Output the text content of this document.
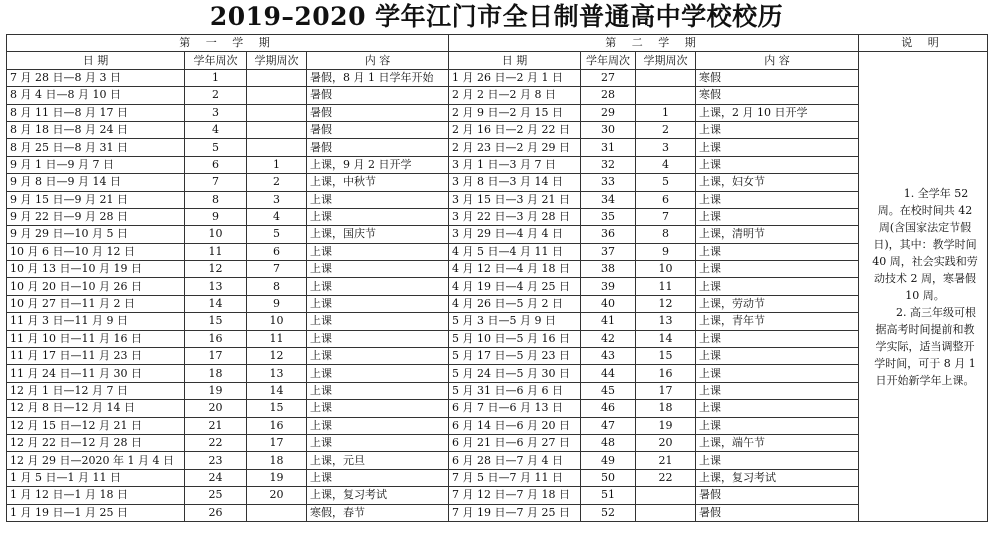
2019–2020 学年江门市全日制普通高中学校校历
第 一 学 期				第 二 学 期				说 明
日 期	学年周次	学期周次	内 容	日 期	学年周次	学期周次	内 容	1. 全学年 52 周。在校时间共 42 周(含国家法定节假日)，其中：教学时间 40 周，社会实践和劳动技术 2 周，寒暑假 10 周。

2. 高三年级可根据高考时间提前和教学实际，适当调整开学时间，可于 8 月 1 日开始新学年上课。

7 月 28 日—8 月 3 日	1		暑假，8 月 1 日学年开始	1 月 26 日—2 月 1 日	27		寒假	
8 月 4 日—8 月 10 日	2		暑假	2 月 2 日—2 月 8 日	28		寒假	
8 月 11 日—8 月 17 日	3		暑假	2 月 9 日—2 月 15 日	29	1	上课，2 月 10 日开学	
8 月 18 日—8 月 24 日	4		暑假	2 月 16 日—2 月 22 日	30	2	上课	
8 月 25 日—8 月 31 日	5		暑假	2 月 23 日—2 月 29 日	31	3	上课	
9 月 1 日—9 月 7 日	6	1	上课，9 月 2 日开学	3 月 1 日—3 月 7 日	32	4	上课	
9 月 8 日—9 月 14 日	7	2	上课，中秋节	3 月 8 日—3 月 14 日	33	5	上课，妇女节	
9 月 15 日—9 月 21 日	8	3	上课	3 月 15 日—3 月 21 日	34	6	上课	
9 月 22 日—9 月 28 日	9	4	上课	3 月 22 日—3 月 28 日	35	7	上课	
9 月 29 日—10 月 5 日	10	5	上课，国庆节	3 月 29 日—4 月 4 日	36	8	上课，清明节	
10 月 6 日—10 月 12 日	11	6	上课	4 月 5 日—4 月 11 日	37	9	上课	
10 月 13 日—10 月 19 日	12	7	上课	4 月 12 日—4 月 18 日	38	10	上课	
10 月 20 日—10 月 26 日	13	8	上课	4 月 19 日—4 月 25 日	39	11	上课	
10 月 27 日—11 月 2 日	14	9	上课	4 月 26 日—5 月 2 日	40	12	上课，劳动节	
11 月 3 日—11 月 9 日	15	10	上课	5 月 3 日—5 月 9 日	41	13	上课，青年节	
11 月 10 日—11 月 16 日	16	11	上课	5 月 10 日—5 月 16 日	42	14	上课	
11 月 17 日—11 月 23 日	17	12	上课	5 月 17 日—5 月 23 日	43	15	上课	
11 月 24 日—11 月 30 日	18	13	上课	5 月 24 日—5 月 30 日	44	16	上课	
12 月 1 日—12 月 7 日	19	14	上课	5 月 31 日—6 月 6 日	45	17	上课	
12 月 8 日—12 月 14 日	20	15	上课	6 月 7 日—6 月 13 日	46	18	上课	
12 月 15 日—12 月 21 日	21	16	上课	6 月 14 日—6 月 20 日	47	19	上课	
12 月 22 日—12 月 28 日	22	17	上课	6 月 21 日—6 月 27 日	48	20	上课，端午节	
12 月 29 日—2020 年 1 月 4 日	23	18	上课，元旦	6 月 28 日—7 月 4 日	49	21	上课	
1 月 5 日—1 月 11 日	24	19	上课	7 月 5 日—7 月 11 日	50	22	上课，复习考试	
1 月 12 日—1 月 18 日	25	20	上课，复习考试	7 月 12 日—7 月 18 日	51		暑假	
1 月 19 日—1 月 25 日	26		寒假，春节	7 月 19 日—7 月 25 日	52		暑假	
